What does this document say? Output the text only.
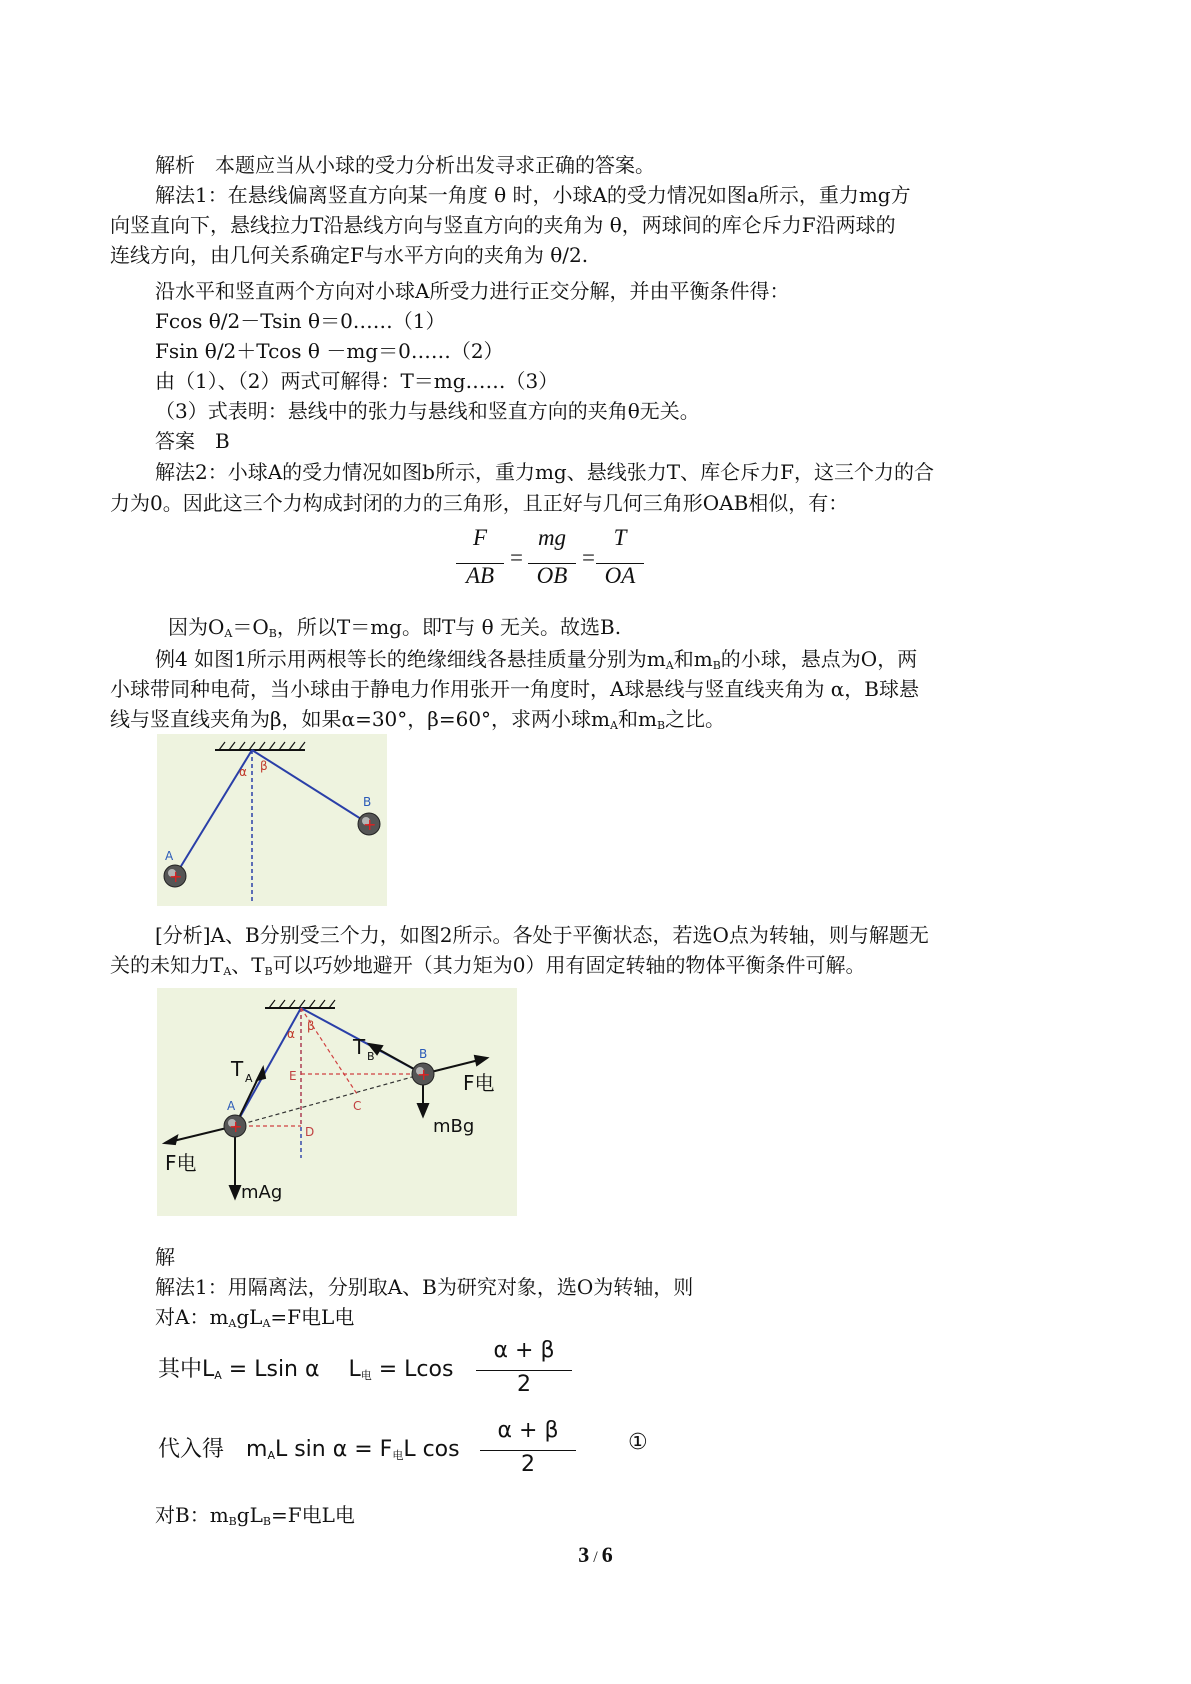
解析　本题应当从小球的受力分析出发寻求正确的答案。
解法1：在悬线偏离竖直方向某一角度 θ 时，小球A的受力情况如图a所示，重力mg方
向竖直向下，悬线拉力T沿悬线方向与竖直方向的夹角为 θ，两球间的库仑斥力F沿两球的
连线方向，由几何关系确定F与水平方向的夹角为 θ/2.
沿水平和竖直两个方向对小球A所受力进行正交分解，并由平衡条件得：
Fcos θ/2－Tsin θ＝0……（1）
Fsin θ/2＋Tcos θ －mg＝0……（2）
由（1）、（2）两式可解得：T＝mg……（3）
（3）式表明：悬线中的张力与悬线和竖直方向的夹角θ无关。
答案　B
解法2：小球A的受力情况如图b所示，重力mg、悬线张力T、库仑斥力F，这三个力的合
力为0。因此这三个力构成封闭的力的三角形，且正好与几何三角形OAB相似，有：
F
AB
=
mg
OB
=
T
OA
因为$O_A=O_B$，所以T＝mg。即T与 θ 无关。故选B.
例4 如图1所示用两根等长的绝缘细线各悬挂质量分别为$m_A$和$m_B$的小球，悬点为O，两
小球带同种电荷，当小球由于静电力作用张开一角度时，A球悬线与竖直线夹角为 α，B球悬
线与竖直线夹角为β，如果α=30°，β=60°，求两小球$m_A$和$m_B$之比。
α β
+
A
+
B
[分析]A、B分别受三个力，如图2所示。各处于平衡状态，若选O点为转轴，则与解题无
关的未知力$T_A$、$T_B$可以巧妙地避开（其力矩为0）用有固定转轴的物体平衡条件可解。
α
β
E
C
D
T A
T B
+
A
+
B
F电
F电
mBg
mAg
解
解法1：用隔离法，分别取A、B为研究对象，选O为转轴，则
对A：$m_AgL_A=F$电L电
其中$L_A = Lsin$ α　 $L_电 = Lcos$
α + β
2
代入得　$m_AL$ $\sin \alpha = F_电L$ cos
α + β
2
①
对B：$m_BgL_B=F$电L电
3 / 6
